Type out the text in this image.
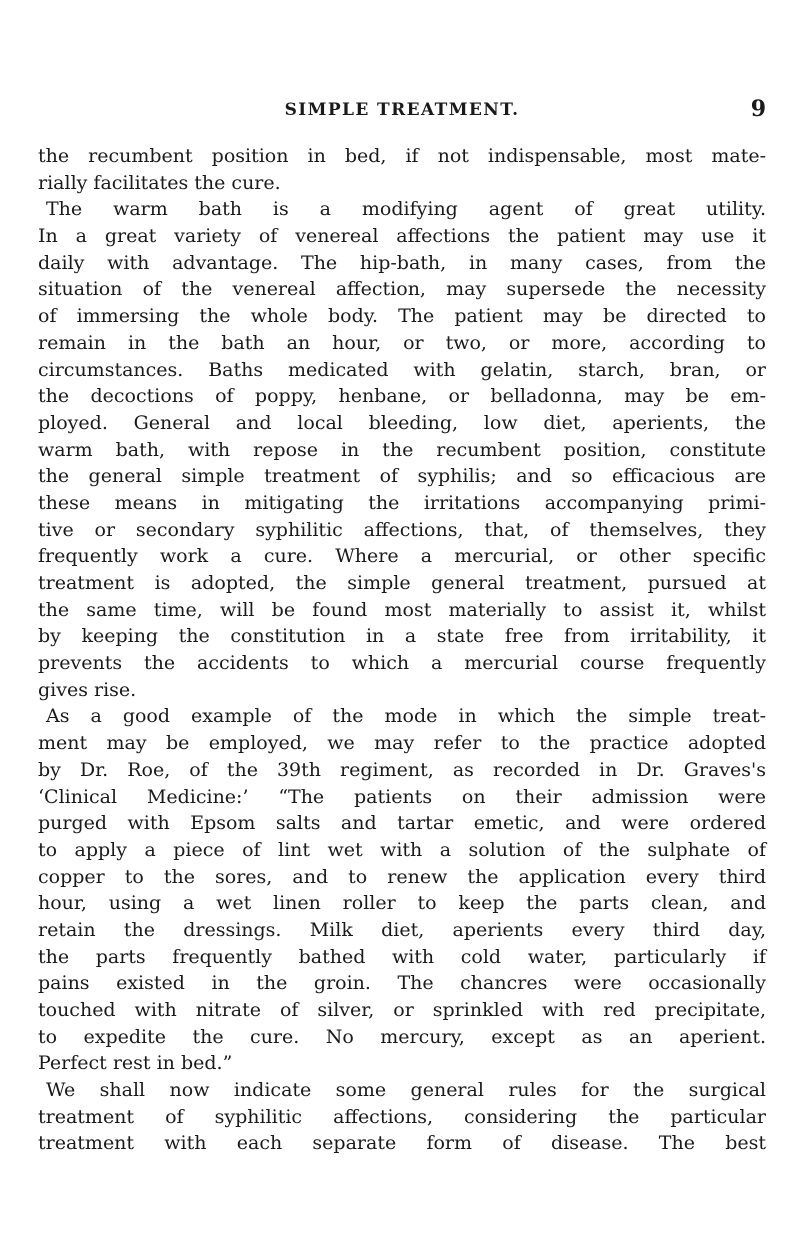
SIMPLE TREATMENT.	9
the recumbent position in bed, if not indispensable, most mate-
rially facilitates the cure.
The warm bath is a modifying agent of great utility.
In a great variety of venereal affections the patient may use it
daily with advantage. The hip-bath, in many cases, from the
situation of the venereal affection, may supersede the necessity
of immersing the whole body. The patient may be directed to
remain in the bath an hour, or two, or more, according to
circumstances. Baths medicated with gelatin, starch, bran, or
the decoctions of poppy, henbane, or belladonna, may be em-
ployed. General and local bleeding, low diet, aperients, the
warm bath, with repose in the recumbent position, constitute
the general simple treatment of syphilis; and so efficacious are
these means in mitigating the irritations accompanying primi-
tive or secondary syphilitic affections, that, of themselves, they
frequently work a cure. Where a mercurial, or other specific
treatment is adopted, the simple general treatment, pursued at
the same time, will be found most materially to assist it, whilst
by keeping the constitution in a state free from irritability, it
prevents the accidents to which a mercurial course frequently
gives rise.
As a good example of the mode in which the simple treat-
ment may be employed, we may refer to the practice adopted
by Dr. Roe, of the 39th regiment, as recorded in Dr. Graves's
‘Clinical Medicine:’ “The patients on their admission were
purged with Epsom salts and tartar emetic, and were ordered
to apply a piece of lint wet with a solution of the sulphate of
copper to the sores, and to renew the application every third
hour, using a wet linen roller to keep the parts clean, and
retain the dressings. Milk diet, aperients every third day,
the parts frequently bathed with cold water, particularly if
pains existed in the groin. The chancres were occasionally
touched with nitrate of silver, or sprinkled with red precipitate,
to expedite the cure. No mercury, except as an aperient.
Perfect rest in bed.”
We shall now indicate some general rules for the surgical
treatment of syphilitic affections, considering the particular
treatment with each separate form of disease. The best
